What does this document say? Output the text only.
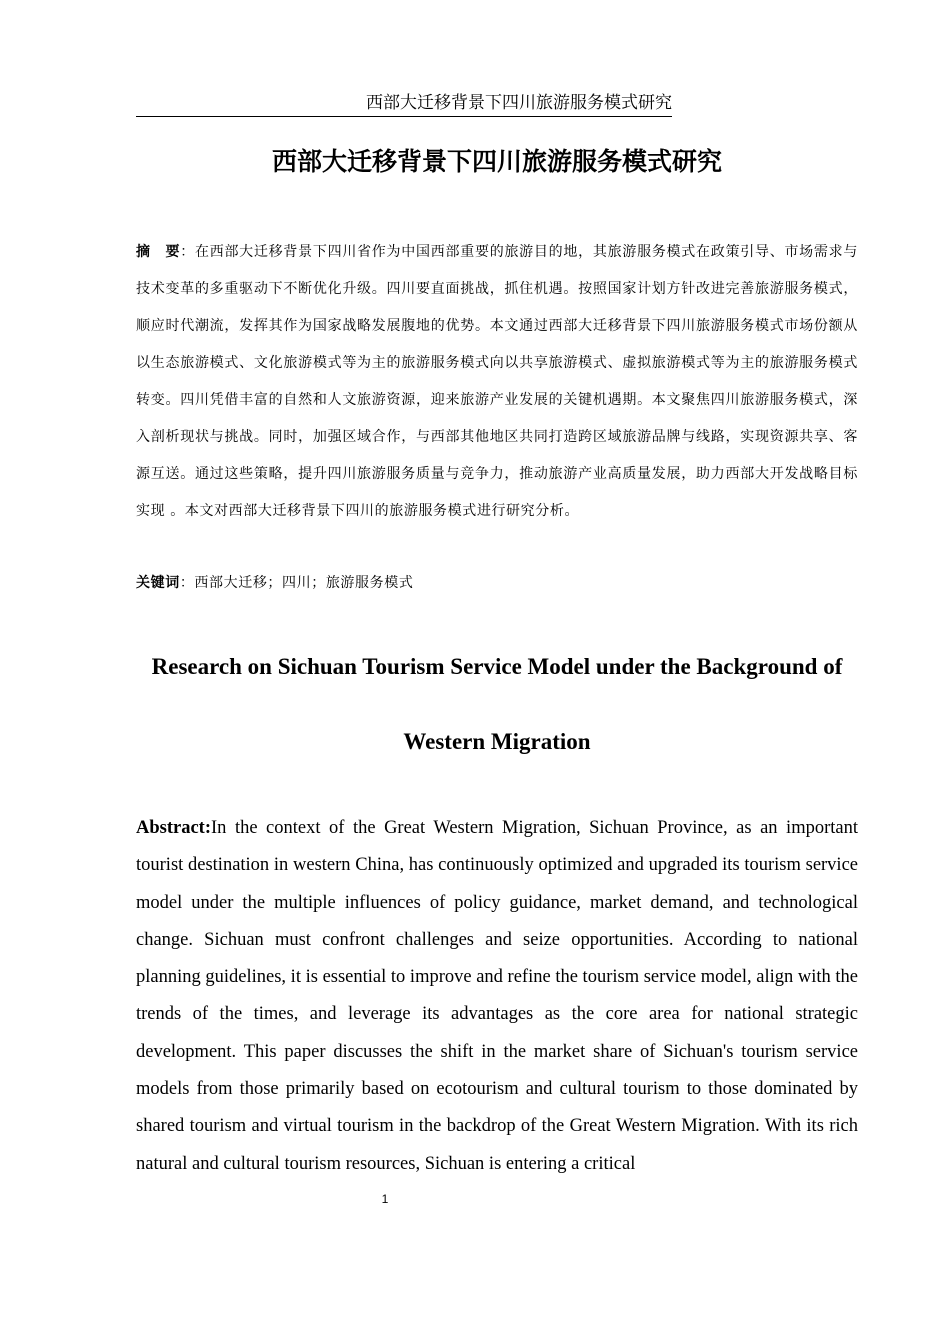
西部大迁移背景下四川旅游服务模式研究
西部大迁移背景下四川旅游服务模式研究
摘　要：在西部大迁移背景下四川省作为中国西部重要的旅游目的地，其旅游服务模式在政策引导、市场需求与技术变革的多重驱动下不断优化升级。四川要直面挑战，抓住机遇。按照国家计划方针改进完善旅游服务模式，顺应时代潮流，发挥其作为国家战略发展腹地的优势。本文通过西部大迁移背景下四川旅游服务模式市场份额从以生态旅游模式、文化旅游模式等为主的旅游服务模式向以共享旅游模式、虚拟旅游模式等为主的旅游服务模式转变。四川凭借丰富的自然和人文旅游资源，迎来旅游产业发展的关键机遇期。本文聚焦四川旅游服务模式，深入剖析现状与挑战。同时，加强区域合作，与西部其他地区共同打造跨区域旅游品牌与线路，实现资源共享、客源互送。通过这些策略，提升四川旅游服务质量与竞争力，推动旅游产业高质量发展，助力西部大开发战略目标实现 。本文对西部大迁移背景下四川的旅游服务模式进行研究分析。
关键词：西部大迁移；四川；旅游服务模式
Research on Sichuan Tourism Service Model under the Background of Western Migration
Abstract:In the context of the Great Western Migration, Sichuan Province, as an important tourist destination in western China, has continuously optimized and upgraded its tourism service model under the multiple influences of policy guidance, market demand, and technological change. Sichuan must confront challenges and seize opportunities. According to national planning guidelines, it is essential to improve and refine the tourism service model, align with the trends of the times, and leverage its advantages as the core area for national strategic development. This paper discusses the shift in the market share of Sichuan's tourism service models from those primarily based on ecotourism and cultural tourism to those dominated by shared tourism and virtual tourism in the backdrop of the Great Western Migration. With its rich natural and cultural tourism resources, Sichuan is entering a critical
1
